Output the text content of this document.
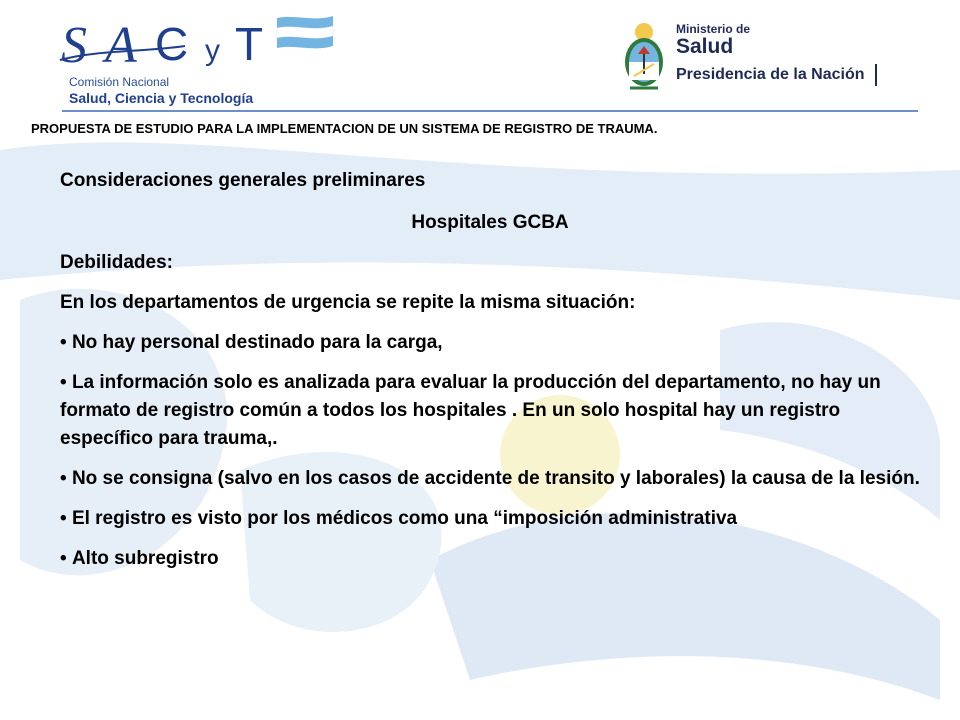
S A C y T
Comisión Nacional
Salud, Ciencia y Tecnología
Ministerio de
Salud
Presidencia de la Nación
PROPUESTA DE ESTUDIO PARA LA IMPLEMENTACION DE UN SISTEMA DE REGISTRO DE TRAUMA.

Consideraciones generales preliminares

Hospitales GCBA

Debilidades:

En los departamentos de urgencia se repite la misma situación:

• No hay personal destinado para la carga,

• La información solo es analizada para evaluar la producción del departamento, no hay un formato de registro común a todos los hospitales . En un solo hospital hay un registro específico para trauma,.

• No se consigna (salvo en los casos de accidente de transito y laborales) la causa de la lesión.

• El registro es visto por los médicos como una “imposición administrativa

• Alto subregistro
